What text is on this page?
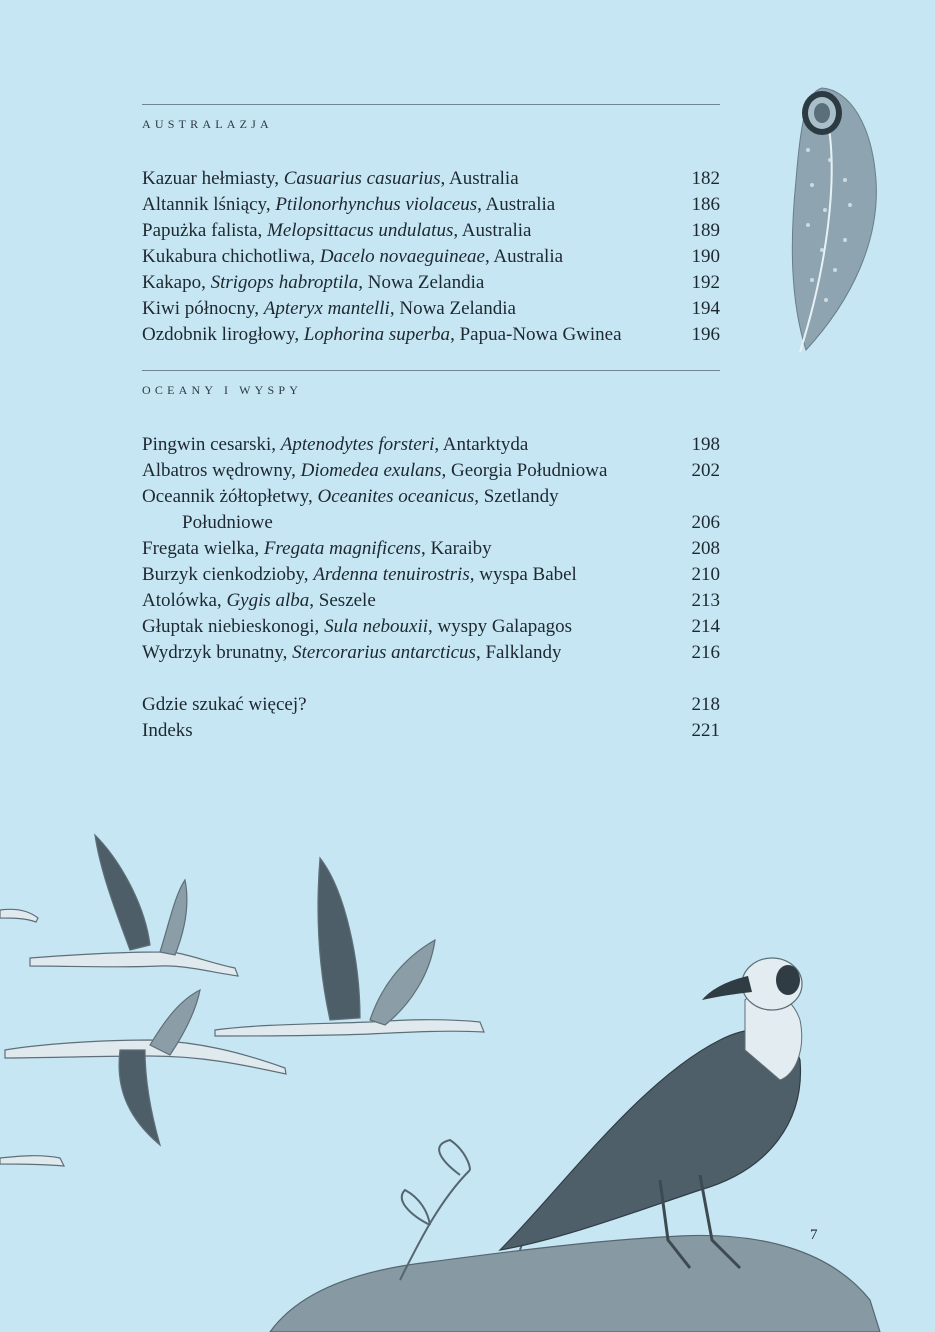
AUSTRALAZJA
Kazuar hełmiasty, Casuarius casuarius, Australia	182
Altannik lśniący, Ptilonorhynchus violaceus, Australia	186
Papużka falista, Melopsittacus undulatus, Australia	189
Kukabura chichotliwa, Dacelo novaeguineae, Australia	190
Kakapo, Strigops habroptila, Nowa Zelandia	192
Kiwi północny, Apteryx mantelli, Nowa Zelandia	194
Ozdobnik lirogłowy, Lophorina superba, Papua-Nowa Gwinea	196
OCEANY I WYSPY
Pingwin cesarski, Aptenodytes forsteri, Antarktyda	198
Albatros wędrowny, Diomedea exulans, Georgia Południowa	202
Oceannik żółtopłetwy, Oceanites oceanicus, Szetlandy
Południowe	206
Fregata wielka, Fregata magnificens, Karaiby	208
Burzyk cienkodzioby, Ardenna tenuirostris, wyspa Babel	210
Atolówka, Gygis alba, Seszele	213
Głuptak niebieskonogi, Sula nebouxii, wyspy Galapagos	214
Wydrzyk brunatny, Stercorarius antarcticus, Falklandy	216
Gdzie szukać więcej?	218
Indeks	221
7
